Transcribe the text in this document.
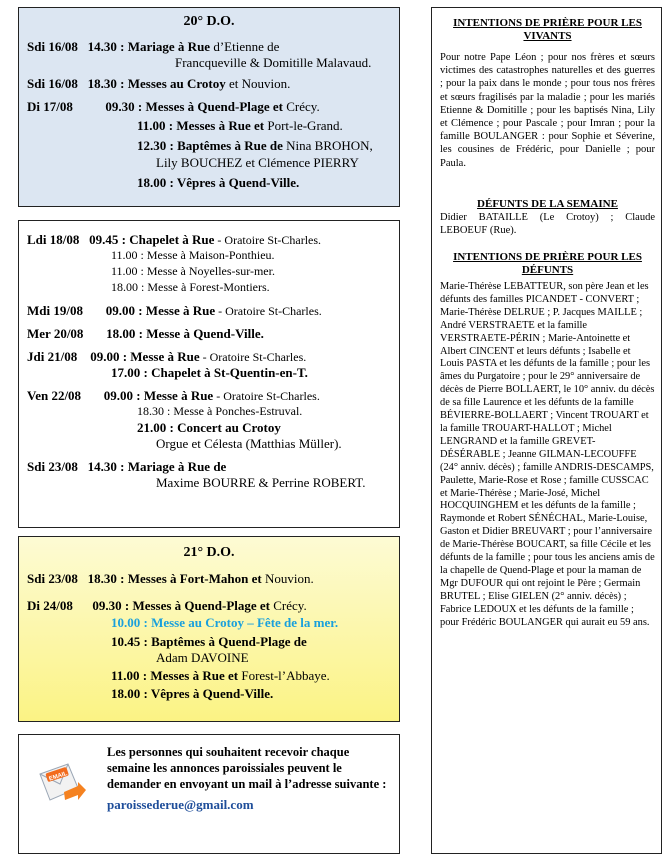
20° D.O.
Sdi 16/08   14.30 : Mariage à Rue d’Etienne de
Francqueville & Domitille Malavaud.
Sdi 16/08   18.30 : Messes au Crotoy et Nouvion.
Di 17/08          09.30 : Messes à Quend-Plage et Crécy.
11.00 : Messes à Rue et Port-le-Grand.
12.30 : Baptêmes à Rue de Nina BROHON,
Lily BOUCHEZ et Clémence PIERRY
18.00 : Vêpres à Quend-Ville.
Ldi 18/08   09.45 : Chapelet à Rue - Oratoire St-Charles.
11.00 : Messe à Maison-Ponthieu.
11.00 : Messe à Noyelles-sur-mer.
18.00 : Messe à Forest-Montiers.
Mdi 19/08       09.00 : Messe à Rue - Oratoire St-Charles.
Mer 20/08       18.00 : Messe à Quend-Ville.
Jdi 21/08    09.00 : Messe à Rue - Oratoire St-Charles.
17.00 : Chapelet à St-Quentin-en-T.
Ven 22/08       09.00 : Messe à Rue - Oratoire St-Charles.
18.30 : Messe à Ponches-Estruval.
21.00 : Concert au Crotoy
Orgue et Célesta (Matthias Müller).
Sdi 23/08   14.30 : Mariage à Rue de
Maxime BOURRE & Perrine ROBERT.
21° D.O.
Sdi 23/08   18.30 : Messes à Fort-Mahon et Nouvion.
Di 24/08      09.30 : Messes à Quend-Plage et Crécy.
10.00 : Messe au Crotoy – Fête de la mer.
10.45 : Baptêmes à Quend-Plage de
Adam DAVOINE
11.00 : Messes à Rue et Forest-l’Abbaye.
18.00 : Vêpres à Quend-Ville.
EMAIL
Les personnes qui souhaitent recevoir chaque semaine les annonces paroissiales peuvent le demander en envoyant un mail à l’adresse suivante :
paroissederue@gmail.com
INTENTIONS DE PRIÈRE POUR LES VIVANTS

Pour notre Pape Léon ; pour nos frères et sœurs victimes des catastrophes naturelles et des guerres ; pour la paix dans le monde ; pour tous nos frères et sœurs fragilisés par la maladie ; pour les mariés Etienne & Domitille ; pour les baptisés Nina, Lily et Clémence ; pour Pascale ; pour Imran ; pour la famille BOULANGER : pour Sophie et Séverine, les cousines de Frédéric, pour Danielle ; pour Paula.

DÉFUNTS DE LA SEMAINE

Didier BATAILLE (Le Crotoy) ; Claude LEBOEUF (Rue).

INTENTIONS DE PRIÈRE POUR LES DÉFUNTS

Marie-Thérèse LEBATTEUR, son père Jean et les défunts des familles PICANDET - CONVERT ; Marie-Thérèse DELRUE ; P. Jacques MAILLE ; André VERSTRAETE et la famille VERSTRAETE-PÉRIN ; Marie-Antoinette et Albert CINCENT et leurs défunts ; Isabelle et Louis PASTA et les défunts de la famille ; pour les âmes du Purgatoire ; pour le 29° anniversaire de décès de Pierre BOLLAERT, le 10° anniv. du décès de sa fille Laurence et les défunts de la famille BÉVIERRE-BOLLAERT ; Vincent TROUART et la famille TROUART-HALLOT ; Michel LENGRAND et la famille GREVET-DÉSÉRABLE ; Jeanne GILMAN-LECOUFFE (24° anniv. décès) ; famille ANDRIS-DESCAMPS, Paulette, Marie-Rose et Rose ; famille CUSSCAC et Marie-Thérèse ; Marie-José, Michel HOCQUINGHEM et les défunts de la famille ; Raymonde et Robert SÉNÉCHAL, Marie-Louise, Gaston et Didier BREUVART ; pour l’anniversaire de Marie-Thérèse BOUCART, sa fille Cécile et les défunts de la famille ; pour tous les anciens amis de la chapelle de Quend-Plage et pour la maman de Mgr DUFOUR qui ont rejoint le Père ; Germain BRUTEL ; Elise GIELEN (2° anniv. décès) ; Fabrice LEDOUX et les défunts de la famille ; pour Frédéric BOULANGER qui aurait eu 59 ans.
